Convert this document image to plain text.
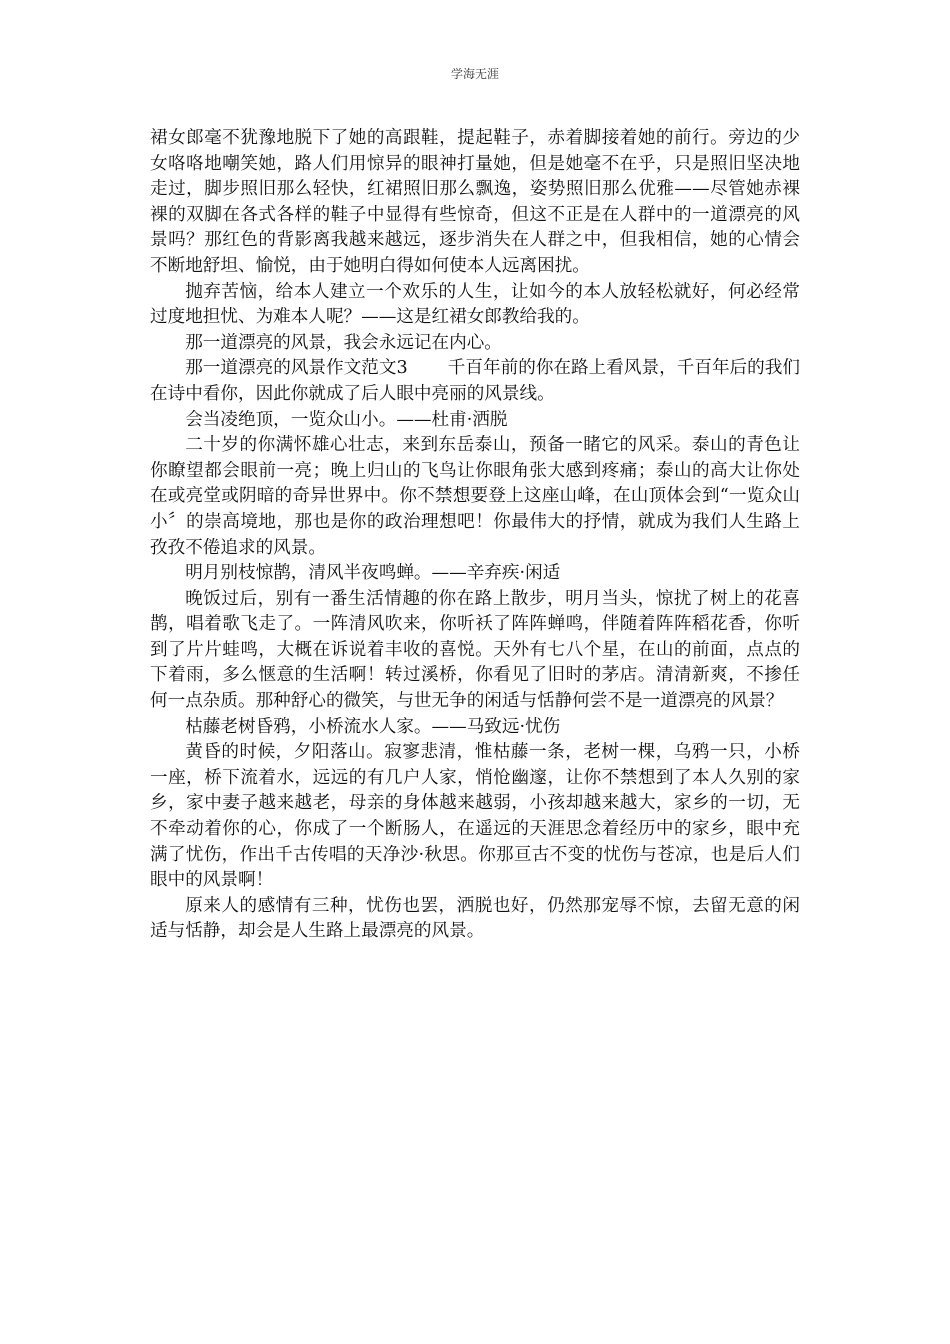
学海无涯

裙女郎毫不犹豫地脱下了她的高跟鞋，提起鞋子，赤着脚接着她的前行。旁边的少女咯咯地嘲笑她，路人们用惊异的眼神打量她，但是她毫不在乎，只是照旧坚决地走过，脚步照旧那么轻快，红裙照旧那么飘逸，姿势照旧那么优雅——尽管她赤裸裸的双脚在各式各样的鞋子中显得有些惊奇，但这不正是在人群中的一道漂亮的风景吗？那红色的背影离我越来越远，逐步消失在人群之中，但我相信，她的心情会不断地舒坦、愉悦，由于她明白得如何使本人远离困扰。

抛弃苦恼，给本人建立一个欢乐的人生，让如今的本人放轻松就好，何必经常过度地担忧、为难本人呢？——这是红裙女郎教给我的。

那一道漂亮的风景，我会永远记在内心。

那一道漂亮的风景作文范文3 千百年前的你在路上看风景，千百年后的我们在诗中看你，因此你就成了后人眼中亮丽的风景线。

会当凌绝顶，一览众山小。——杜甫·洒脱

二十岁的你满怀雄心壮志，来到东岳泰山，预备一睹它的风采。泰山的青色让你瞭望都会眼前一亮；晚上归山的飞鸟让你眼角张大感到疼痛；泰山的高大让你处在或亮堂或阴暗的奇异世界中。你不禁想要登上这座山峰，在山顶体会到“一览众山小〞的崇高境地，那也是你的政治理想吧！你最伟大的抒情，就成为我们人生路上孜孜不倦追求的风景。

明月别枝惊鹊，清风半夜鸣蝉。——辛弃疾·闲适

晚饭过后，别有一番生活情趣的你在路上散步，明月当头，惊扰了树上的花喜鹊，唱着歌飞走了。一阵清风吹来，你听袄了阵阵蝉鸣，伴随着阵阵稻花香，你听到了片片蛙鸣，大概在诉说着丰收的喜悦。天外有七八个星，在山的前面，点点的下着雨，多么惬意的生活啊！转过溪桥，你看见了旧时的茅店。清清新爽，不掺任何一点杂质。那种舒心的微笑，与世无争的闲适与恬静何尝不是一道漂亮的风景？

枯藤老树昏鸦，小桥流水人家。——马致远·忧伤

黄昏的时候，夕阳落山。寂寥悲清，惟枯藤一条，老树一棵，乌鸦一只，小桥一座，桥下流着水，远远的有几户人家，悄怆幽邃，让你不禁想到了本人久别的家乡，家中妻子越来越老，母亲的身体越来越弱，小孩却越来越大，家乡的一切，无不牵动着你的心，你成了一个断肠人，在遥远的天涯思念着经历中的家乡，眼中充满了忧伤，作出千古传唱的天净沙·秋思。你那亘古不变的忧伤与苍凉，也是后人们眼中的风景啊！

原来人的感情有三种，忧伤也罢，洒脱也好，仍然那宠辱不惊，去留无意的闲适与恬静，却会是人生路上最漂亮的风景。
